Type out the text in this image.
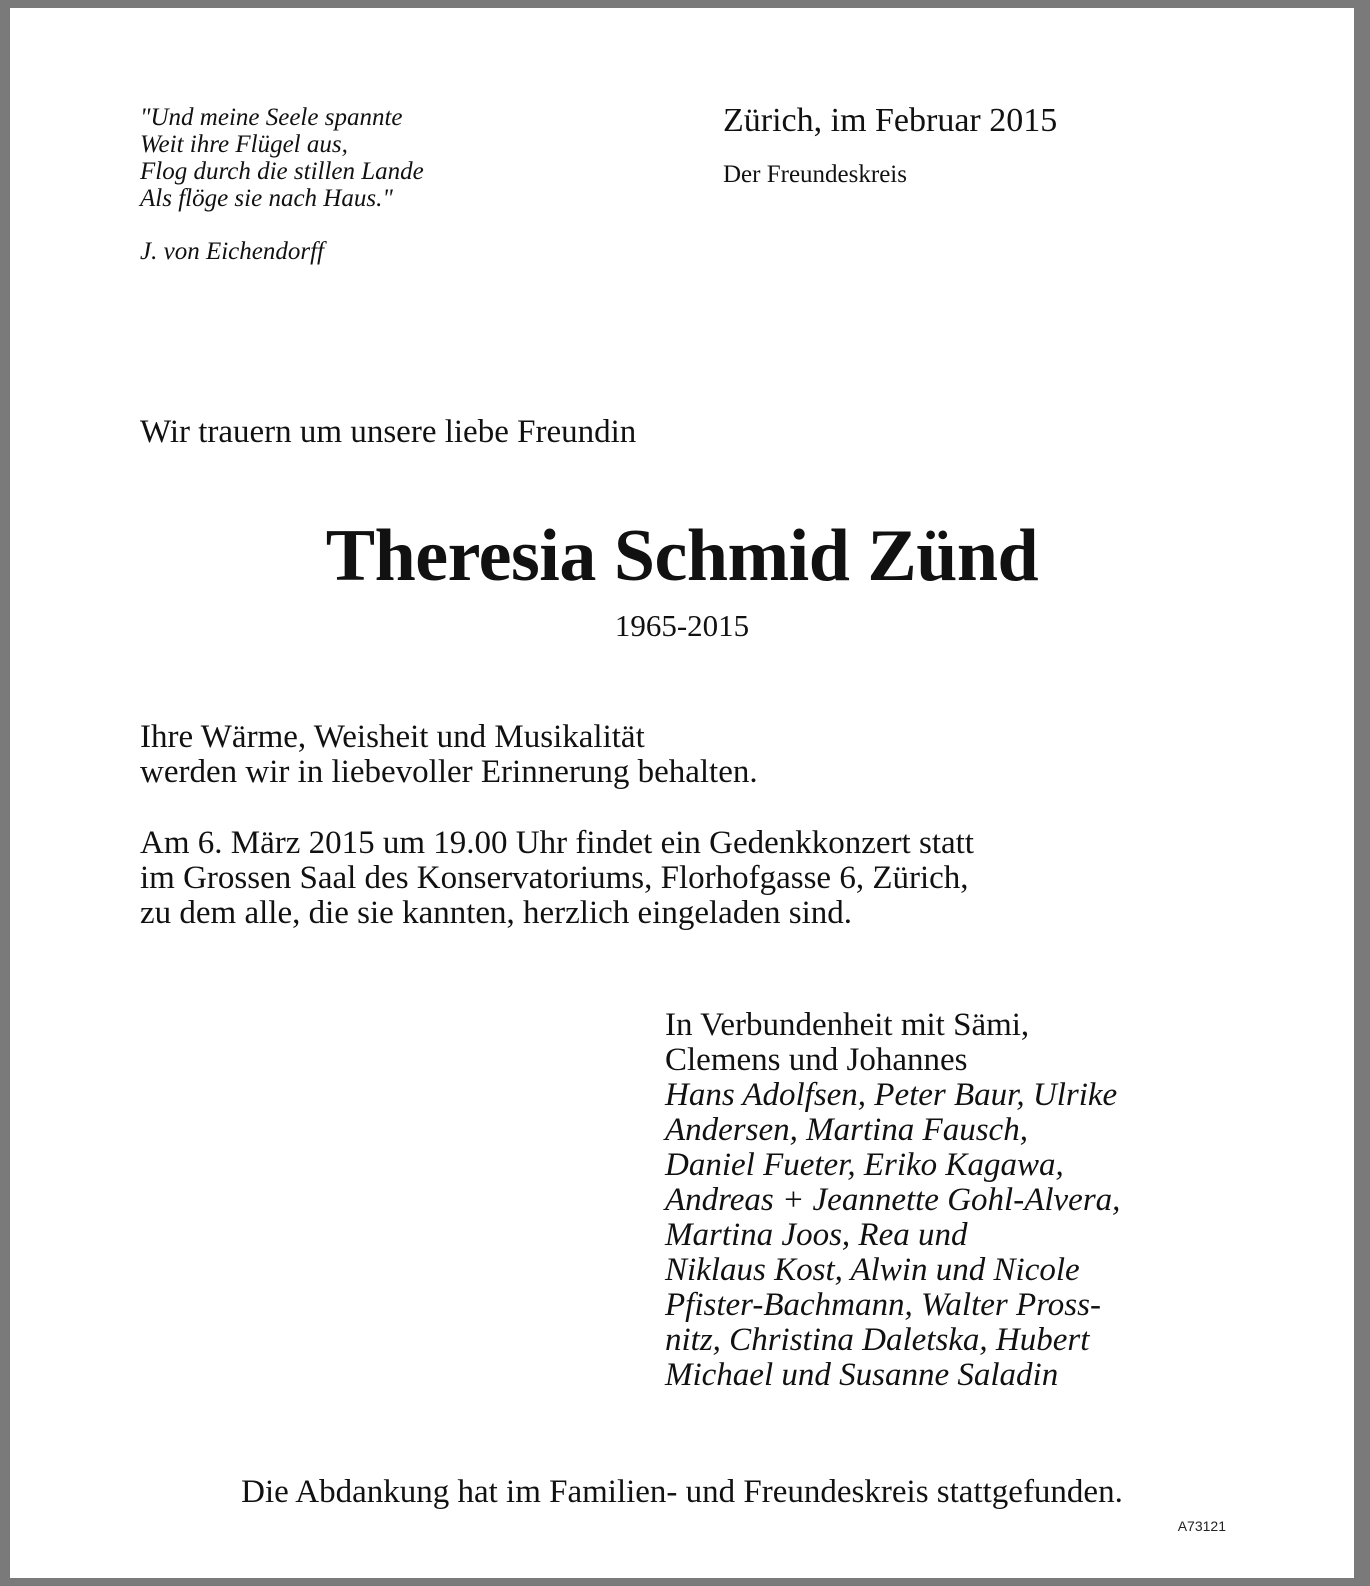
"Und meine Seele spannte
Weit ihre Flügel aus,
Flog durch die stillen Lande
Als flöge sie nach Haus."
J. von Eichendorff
Zürich, im Februar 2015
Der Freundeskreis
Wir trauern um unsere liebe Freundin
Theresia Schmid Zünd
1965-2015
Ihre Wärme, Weisheit und Musikalität
werden wir in liebevoller Erinnerung behalten.
Am 6. März 2015 um 19.00 Uhr findet ein Gedenkkonzert statt
im Grossen Saal des Konservatoriums, Florhofgasse 6, Zürich,
zu dem alle, die sie kannten, herzlich eingeladen sind.
In Verbundenheit mit Sämi,
Clemens und Johannes
Hans Adolfsen, Peter Baur, Ulrike
Andersen, Martina Fausch,
Daniel Fueter, Eriko Kagawa,
Andreas + Jeannette Gohl-Alvera,
Martina Joos, Rea und
Niklaus Kost, Alwin und Nicole
Pfister-Bachmann, Walter Pross-
nitz, Christina Daletska, Hubert
Michael und Susanne Saladin
Die Abdankung hat im Familien- und Freundeskreis stattgefunden.
A73121
